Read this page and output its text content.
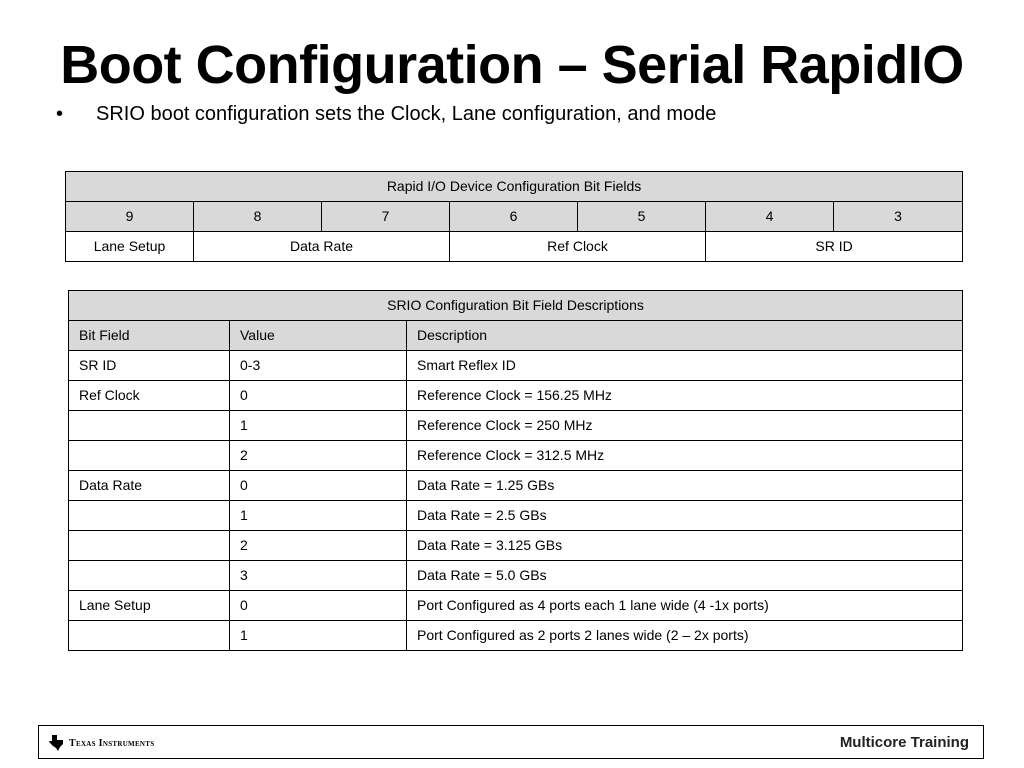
Boot Configuration – Serial RapidIO
• SRIO boot configuration sets the Clock, Lane configuration, and mode
Rapid I/O Device Configuration Bit Fields						
9	8	7	6	5	4	3
Lane Setup	Data Rate		Ref Clock		SR ID	
SRIO Configuration Bit Field Descriptions		
Bit Field	Value	Description
SR ID	0-3	Smart Reflex ID
Ref Clock	0	Reference Clock = 156.25 MHz
	1	Reference Clock = 250 MHz
	2	Reference Clock = 312.5 MHz
Data Rate	0	Data Rate = 1.25 GBs
	1	Data Rate = 2.5 GBs
	2	Data Rate = 3.125 GBs
	3	Data Rate = 5.0 GBs
Lane Setup	0	Port Configured as 4 ports each 1 lane wide (4 -1x ports)
	1	Port Configured as 2 ports 2 lanes wide (2 – 2x ports)
Texas Instruments	Multicore Training
